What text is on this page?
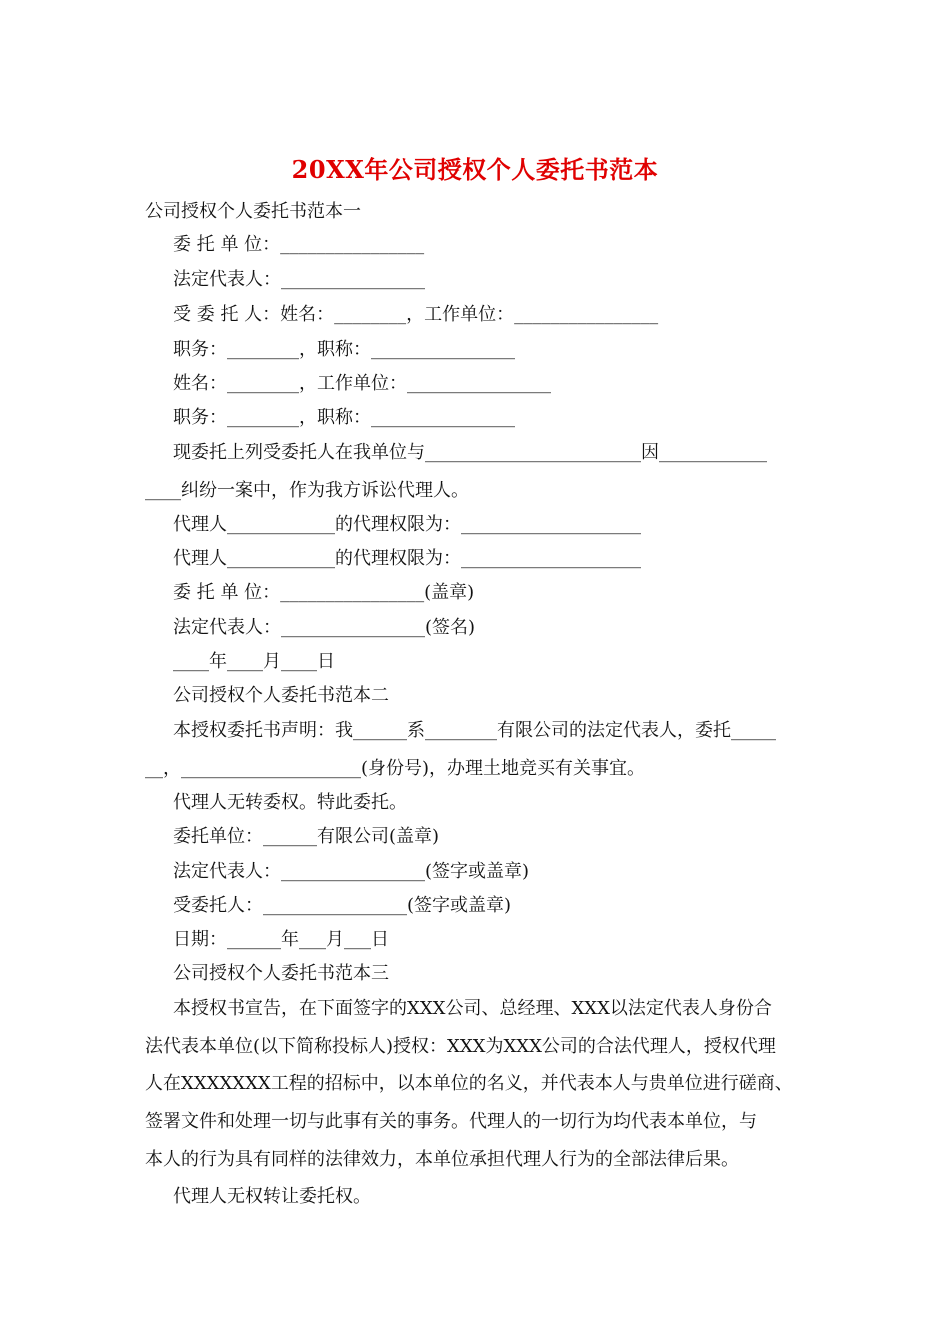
20XX年公司授权个人委托书范本
公司授权个人委托书范本一
委 托 单 位：________________
法定代表人：________________
受 委 托 人：姓名：________，工作单位：________________
职务：________，职称：________________
姓名：________，工作单位：________________
职务：________，职称：________________
现委托上列受委托人在我单位与________________________因____________
____纠纷一案中，作为我方诉讼代理人。
代理人____________的代理权限为：____________________
代理人____________的代理权限为：____________________
委 托 单 位：________________(盖章)
法定代表人：________________(签名)
____年____月____日
公司授权个人委托书范本二
本授权委托书声明：我______系________有限公司的法定代表人，委托_____
__，____________________(身份号)，办理土地竞买有关事宜。
代理人无转委权。特此委托。
委托单位：______有限公司(盖章)
法定代表人：________________(签字或盖章)
受委托人：________________(签字或盖章)
日期：______年___月___日
公司授权个人委托书范本三
本授权书宣告，在下面签字的XXX公司、总经理、XXX以法定代表人身份合
法代表本单位(以下简称投标人)授权：XXX为XXX公司的合法代理人，授权代理
人在XXXXXXX工程的招标中，以本单位的名义，并代表本人与贵单位进行磋商、
签署文件和处理一切与此事有关的事务。代理人的一切行为均代表本单位，与
本人的行为具有同样的法律效力，本单位承担代理人行为的全部法律后果。
代理人无权转让委托权。
